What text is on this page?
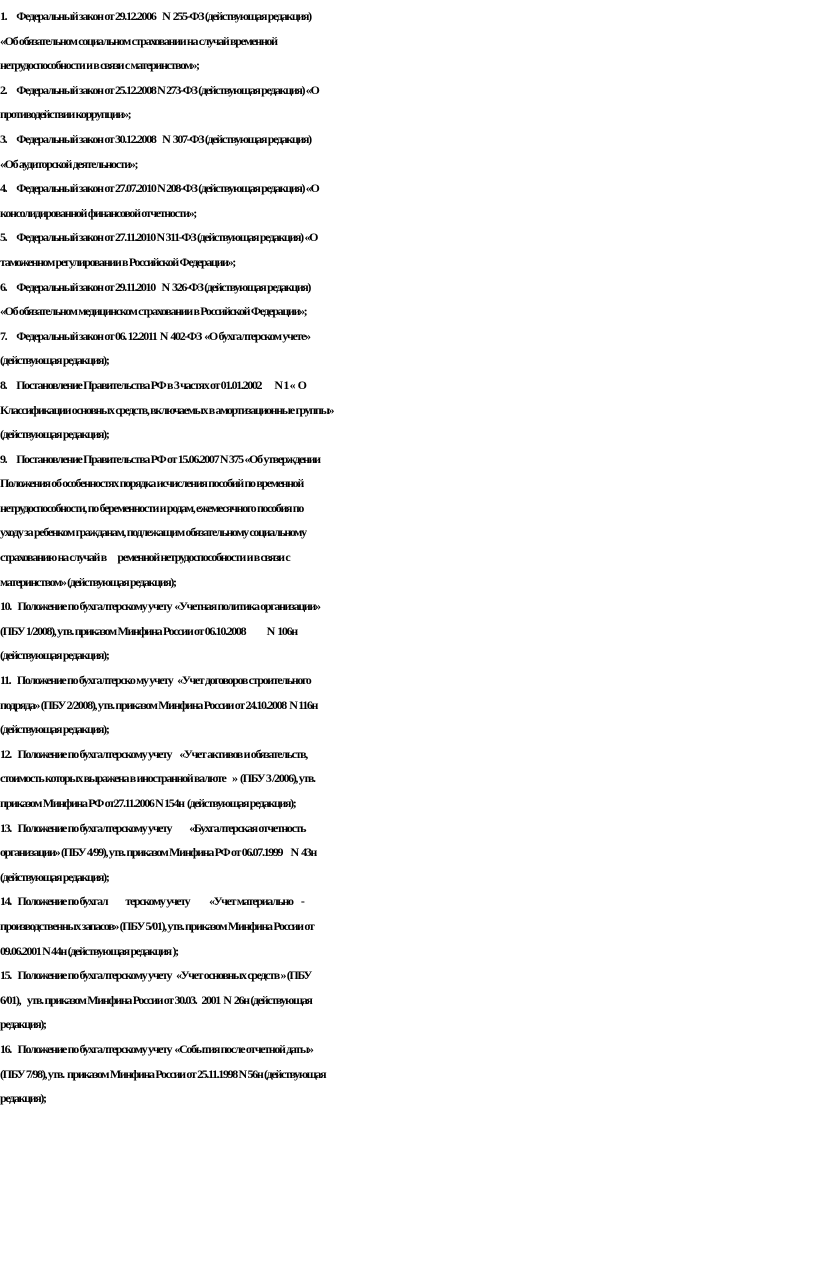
1.      Федеральный закон от 29.12.2006    N  255-ФЗ (действующая редакция)
«Об обязательном социальном страховании на случай временной
нетрудоспособности и в связи с материнством»;
2.      Федеральный закон от 25.12.2008 N 273-ФЗ (действующая редакция) «О
противодействии коррупции»;
3.      Федеральный закон от 30.12.2008    N  307-ФЗ (действующая редакция)
«Об аудиторской деятельности»;
4.      Федеральный закон от 27.07.2010 N 208-ФЗ (действующая редакция) «О
консолидированной финансовой отчетности»;
5.      Федеральный закон от 27.11.2010 N 311-ФЗ (действующая редакция) «О
таможенном регулировании в Российской Федерации»;
6.      Федеральный закон от 29.11.2010    N  326-ФЗ (действующая редакция)
«Об обязательном медицинском страховании в Российской Федерации»;
7.      Федеральный закон от 06. 12.2011  N  402-ФЗ  «О бухгалтерском учете»
(действующая редакция);
8.      Постановление Правительства РФ в 3 частях от 01.01.2002        N 1 «  О
Классификации основных средств, включаемых в амортизационные группы»
(действующая редакция);
9.      Постановление Правительства РФ от 15.06.2007 N 375 «Об утверждении
Положения об особенностях порядка исчисления пособий по временной
нетрудоспособности, по беременности и родам, ежемесячного пособия по
уходу за ребенком гражданам, подлежащим обязательному социальному
страхованию на случай в       ременной нетрудоспособности и в связи с
материнством» (действующая редакция);
10.    Положение по бухгалтерскому учету  «Учетная политика организации»
(ПБУ 1/2008), утв. приказом Минфина России от 06.10.2008             N  106н
(действующая редакция);
11.    Положение по бухгалтерско му учету   «Учет договоров строительного
подряда» (ПБУ 2/2008), утв. приказом Минфина России от 24.10.2008  N 116н
(действующая редакция);
12.    Положение по бухгалтерскому учету     «Учет активов и обязательств,
стоимость которых выражена в иностранной валюте    »  (ПБУ 3 /2006), утв.
приказом Минфина РФ от27.11.2006 N 154н  (действующая редакция);
13.    Положение по бухгалтерскому учету           «Бухгалтерская отчетность
организации» (ПБУ 4/99), утв. приказом Минфина РФ от 06.07.1999     N  43н
(действующая редакция);
14.    Положение по бухгал           терскому учету            «Учет материально     -
производственных запасов» (ПБУ 5/01), утв. приказом Минфина России от
09.06.2001 N 44н (действующая редакция );
15.    Положение по бухгалтерскому учету   «Учет основных средств » (ПБУ
6/01),    утв. приказом Минфина России от 30.03.   2001  N  26н (действующая
редакция);
16.    Положение по бухгалтерскому учету  «События после отчетной даты»
(ПБУ 7/98), утв.  приказом Минфина России от 25.11.1998 N 56н (действующая
редакция);
